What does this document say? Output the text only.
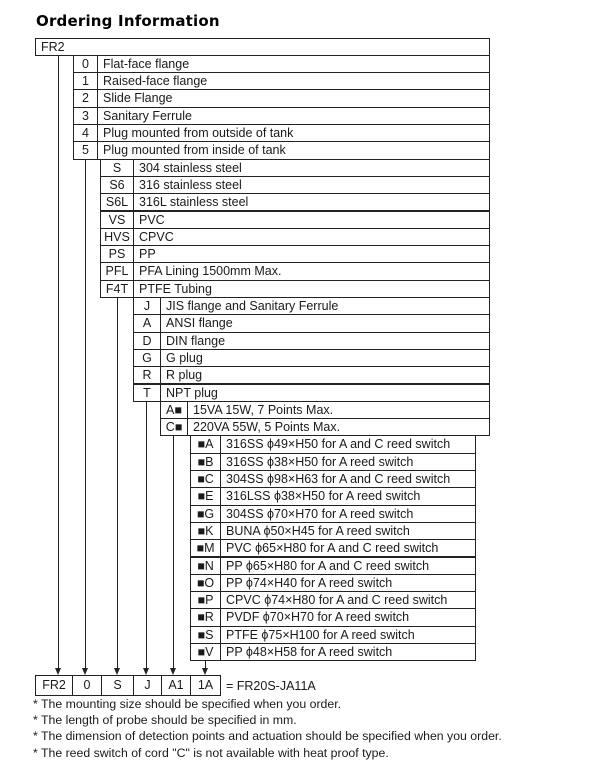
Ordering Information
FR2
0	Flat-face flange
1	Raised-face flange
2	Slide Flange
3	Sanitary Ferrule
4	Plug mounted from outside of tank
5	Plug mounted from inside of tank
S	304 stainless steel
S6	316 stainless steel
S6L 316L stainless steel
VS	PVC
HVS CPVC
PS	PP
PFL PFA Lining 1500mm Max.
F4T PTFE Tubing
J	JIS flange and Sanitary Ferrule
A	ANSI flange
D	DIN flange
G	G plug
R	R plug
T	NPT plug
A■ 15VA 15W, 7 Points Max.
C■ 220VA 55W, 5 Points Max.
■A	316SS ϕ49×H50 for A and C reed switch
■B	316SS ϕ38×H50 for A reed switch
■C 304SS ϕ98×H63 for A and C reed switch
■E	316LSS ϕ38×H50 for A reed switch
■G 304SS ϕ70×H70 for A reed switch
■K	BUNA ϕ50×H45 for A reed switch
■M PVC ϕ65×H80 for A and C reed switch
■N PP ϕ65×H80 for A and C reed switch
■O PP ϕ74×H40 for A reed switch
■P	CPVC ϕ74×H80 for A and C reed switch
■R PVDF ϕ70×H70 for A reed switch
■S	PTFE ϕ75×H100 for A reed switch
■V	PP ϕ48×H58 for A reed switch
FR2	0	S	J	A1	1A	= FR20S-JA11A
* The mounting size should be specified when you order.
* The length of probe should be specified in mm.
* The dimension of detection points and actuation should be specified when you order.
* The reed switch of cord "C" is not available with heat proof type.
